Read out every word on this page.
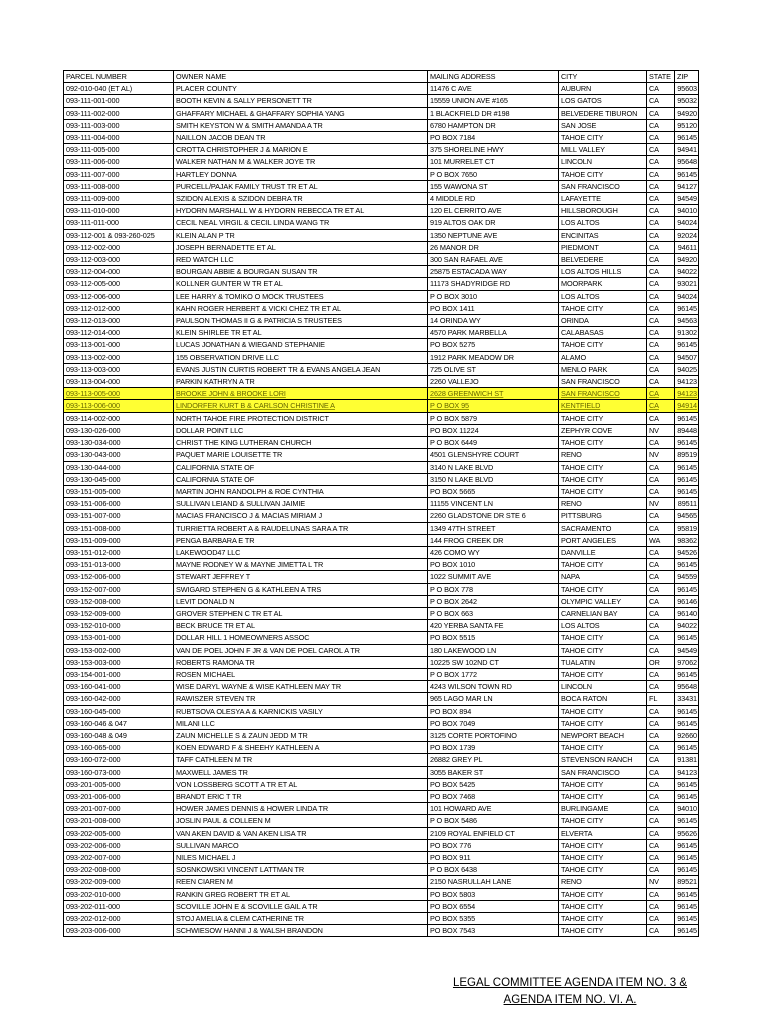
PARCEL NUMBER	OWNER NAME	MAILING ADDRESS	CITY	STATE	ZIP
092-010-040 (ET AL)	PLACER COUNTY	11476 C AVE	AUBURN	CA	95603
093-111-001-000	BOOTH KEVIN & SALLY PERSONETT TR	15559 UNION AVE #165	LOS GATOS	CA	95032
093-111-002-000	GHAFFARY MICHAEL & GHAFFARY SOPHIA YANG	1 BLACKFIELD DR #198	BELVEDERE TIBURON	CA	94920
093-111-003-000	SMITH KEYSTON W & SMITH AMANDA A TR	6780 HAMPTON DR	SAN JOSE	CA	95120
093-111-004-000	NAILLON JACOB DEAN TR	PO BOX 7184	TAHOE CITY	CA	96145
093-111-005-000	CROTTA CHRISTOPHER J & MARION E	375 SHORELINE HWY	MILL VALLEY	CA	94941
093-111-006-000	WALKER NATHAN M & WALKER JOYE TR	101 MURRELET CT	LINCOLN	CA	95648
093-111-007-000	HARTLEY DONNA	P O BOX 7650	TAHOE CITY	CA	96145
093-111-008-000	PURCELL/PAJAK FAMILY TRUST TR ET AL	155 WAWONA ST	SAN FRANCISCO	CA	94127
093-111-009-000	SZIDON ALEXIS & SZIDON DEBRA TR	4 MIDDLE RD	LAFAYETTE	CA	94549
093-111-010-000	HYDORN MARSHALL W & HYDORN REBECCA TR ET AL	120 EL CERRITO AVE	HILLSBOROUGH	CA	94010
093-111-011-000	CECIL NEAL VIRGIL & CECIL LINDA WANG TR	919 ALTOS OAK DR	LOS ALTOS	CA	94024
093-112-001 & 093-260-025	KLEIN ALAN P TR	1350 NEPTUNE AVE	ENCINITAS	CA	92024
093-112-002-000	JOSEPH BERNADETTE ET AL	26 MANOR DR	PIEDMONT	CA	94611
093-112-003-000	RED WATCH LLC	300 SAN RAFAEL AVE	BELVEDERE	CA	94920
093-112-004-000	BOURGAN ABBIE & BOURGAN SUSAN TR	25875 ESTACADA WAY	LOS ALTOS HILLS	CA	94022
093-112-005-000	KOLLNER GUNTER W TR ET AL	11173 SHADYRIDGE RD	MOORPARK	CA	93021
093-112-006-000	LEE HARRY & TOMIKO O MOCK TRUSTEES	P O BOX 3010	LOS ALTOS	CA	94024
093-112-012-000	KAHN ROGER HERBERT & VICKI CHEZ TR ET AL	PO BOX 1411	TAHOE CITY	CA	96145
093-112-013-000	PAULSON THOMAS II G & PATRICIA S TRUSTEES	14 ORINDA WY	ORINDA	CA	94563
093-112-014-000	KLEIN SHIRLEE TR ET AL	4570 PARK MARBELLA	CALABASAS	CA	91302
093-113-001-000	LUCAS JONATHAN & WIEGAND STEPHANIE	PO BOX 5275	TAHOE CITY	CA	96145
093-113-002-000	155 OBSERVATION DRIVE LLC	1912 PARK MEADOW DR	ALAMO	CA	94507
093-113-003-000	EVANS JUSTIN CURTIS ROBERT TR & EVANS ANGELA JEAN	725 OLIVE ST	MENLO PARK	CA	94025
093-113-004-000	PARKIN KATHRYN A TR	2260 VALLEJO	SAN FRANCISCO	CA	94123
093-113-005-000	BROOKE JOHN & BROOKE LORI	2628 GREENWICH ST	SAN FRANCISCO	CA	94123
093-113-006-000	LINDORFER KURT B & CARLSON CHRISTINE A	P O BOX 95	KENTFIELD	CA	94914
093-114-002-000	NORTH TAHOE FIRE PROTECTION DISTRICT	P O BOX 5879	TAHOE CITY	CA	96145
093-130-026-000	DOLLAR POINT LLC	PO BOX 11224	ZEPHYR COVE	NV	89448
093-130-034-000	CHRIST THE KING LUTHERAN CHURCH	P O BOX 6449	TAHOE CITY	CA	96145
093-130-043-000	PAQUET MARIE LOUISETTE TR	4501 GLENSHYRE COURT	RENO	NV	89519
093-130-044-000	CALIFORNIA STATE OF	3140 N LAKE BLVD	TAHOE CITY	CA	96145
093-130-045-000	CALIFORNIA STATE OF	3150 N LAKE BLVD	TAHOE CITY	CA	96145
093-151-005-000	MARTIN JOHN RANDOLPH & ROE CYNTHIA	PO BOX 5665	TAHOE CITY	CA	96145
093-151-006-000	SULLIVAN LEIAND & SULLIVAN JAIMIE	11155 VINCENT LN	RENO	NV	89511
093-151-007-000	MACIAS FRANCISCO J & MACIAS MIRIAM J	2260 GLADSTONE DR STE 6	PITTSBURG	CA	94565
093-151-008-000	TURRIETTA ROBERT A & RAUDELUNAS SARA A TR	1349 47TH STREET	SACRAMENTO	CA	95819
093-151-009-000	PENGA BARBARA E TR	144 FROG CREEK DR	PORT ANGELES	WA	98362
093-151-012-000	LAKEWOOD47 LLC	426 COMO WY	DANVILLE	CA	94526
093-151-013-000	MAYNE RODNEY W & MAYNE JIMETTA L TR	PO BOX 1010	TAHOE CITY	CA	96145
093-152-006-000	STEWART JEFFREY T	1022 SUMMIT AVE	NAPA	CA	94559
093-152-007-000	SWIGARD STEPHEN G & KATHLEEN A TRS	P O BOX 778	TAHOE CITY	CA	96145
093-152-008-000	LEVIT DONALD N	P O BOX 2642	OLYMPIC VALLEY	CA	96146
093-152-009-000	GROVER STEPHEN C TR ET AL	P O BOX 663	CARNELIAN BAY	CA	96140
093-152-010-000	BECK BRUCE TR ET AL	420 YERBA SANTA FE	LOS ALTOS	CA	94022
093-153-001-000	DOLLAR HILL 1 HOMEOWNERS ASSOC	PO BOX 5515	TAHOE CITY	CA	96145
093-153-002-000	VAN DE POEL JOHN F JR & VAN DE POEL CAROL A TR	180 LAKEWOOD LN	TAHOE CITY	CA	94549
093-153-003-000	ROBERTS RAMONA TR	10225 SW 102ND CT	TUALATIN	OR	97062
093-154-001-000	ROSEN MICHAEL	P O BOX 1772	TAHOE CITY	CA	96145
093-160-041-000	WISE DARYL WAYNE & WISE KATHLEEN MAY TR	4243 WILSON TOWN RD	LINCOLN	CA	95648
093-160-042-000	RAWISZER STEVEN TR	965 LAGO MAR LN	BOCA RATON	FL	33431
093-160-045-000	RUBTSOVA OLESYA A & KARNICKIS VASILY	PO BOX 894	TAHOE CITY	CA	96145
093-160-046 & 047	MILANI LLC	PO BOX 7049	TAHOE CITY	CA	96145
093-160-048 & 049	ZAUN MICHELLE S & ZAUN JEDD M TR	3125 CORTE PORTOFINO	NEWPORT BEACH	CA	92660
093-160-065-000	KOEN EDWARD F & SHEEHY KATHLEEN A	PO BOX 1739	TAHOE CITY	CA	96145
093-160-072-000	TAFF CATHLEEN M TR	26882 GREY PL	STEVENSON RANCH	CA	91381
093-160-073-000	MAXWELL JAMES TR	3055 BAKER ST	SAN FRANCISCO	CA	94123
093-201-005-000	VON LOSSBERG SCOTT A TR ET AL	PO BOX 5425	TAHOE CITY	CA	96145
093-201-006-000	BRANDT ERIC T TR	PO BOX 7468	TAHOE CITY	CA	96145
093-201-007-000	HOWER JAMES DENNIS & HOWER LINDA TR	101 HOWARD AVE	BURLINGAME	CA	94010
093-201-008-000	JOSLIN PAUL & COLLEEN M	P O BOX 5486	TAHOE CITY	CA	96145
093-202-005-000	VAN AKEN DAVID & VAN AKEN LISA TR	2109 ROYAL ENFIELD CT	ELVERTA	CA	95626
093-202-006-000	SULLIVAN MARCO	PO BOX 776	TAHOE CITY	CA	96145
093-202-007-000	NILES MICHAEL J	PO BOX 911	TAHOE CITY	CA	96145
093-202-008-000	SOSNKOWSKI VINCENT LATTMAN TR	P O BOX 6438	TAHOE CITY	CA	96145
093-202-009-000	REEN CIAREN M	2150 NASRULLAH LANE	RENO	NV	89521
093-202-010-000	RANKIN GREG ROBERT TR ET AL	PO BOX 5803	TAHOE CITY	CA	96145
093-202-011-000	SCOVILLE JOHN E & SCOVILLE GAIL A TR	PO BOX 6554	TAHOE CITY	CA	96145
093-202-012-000	STOJ AMELIA & CLEM CATHERINE TR	PO BOX 5355	TAHOE CITY	CA	96145
093-203-006-000	SCHWIESOW HANNI J & WALSH BRANDON	PO BOX 7543	TAHOE CITY	CA	96145
LEGAL COMMITTEE AGENDA ITEM NO. 3 &
AGENDA ITEM NO. VI. A.
